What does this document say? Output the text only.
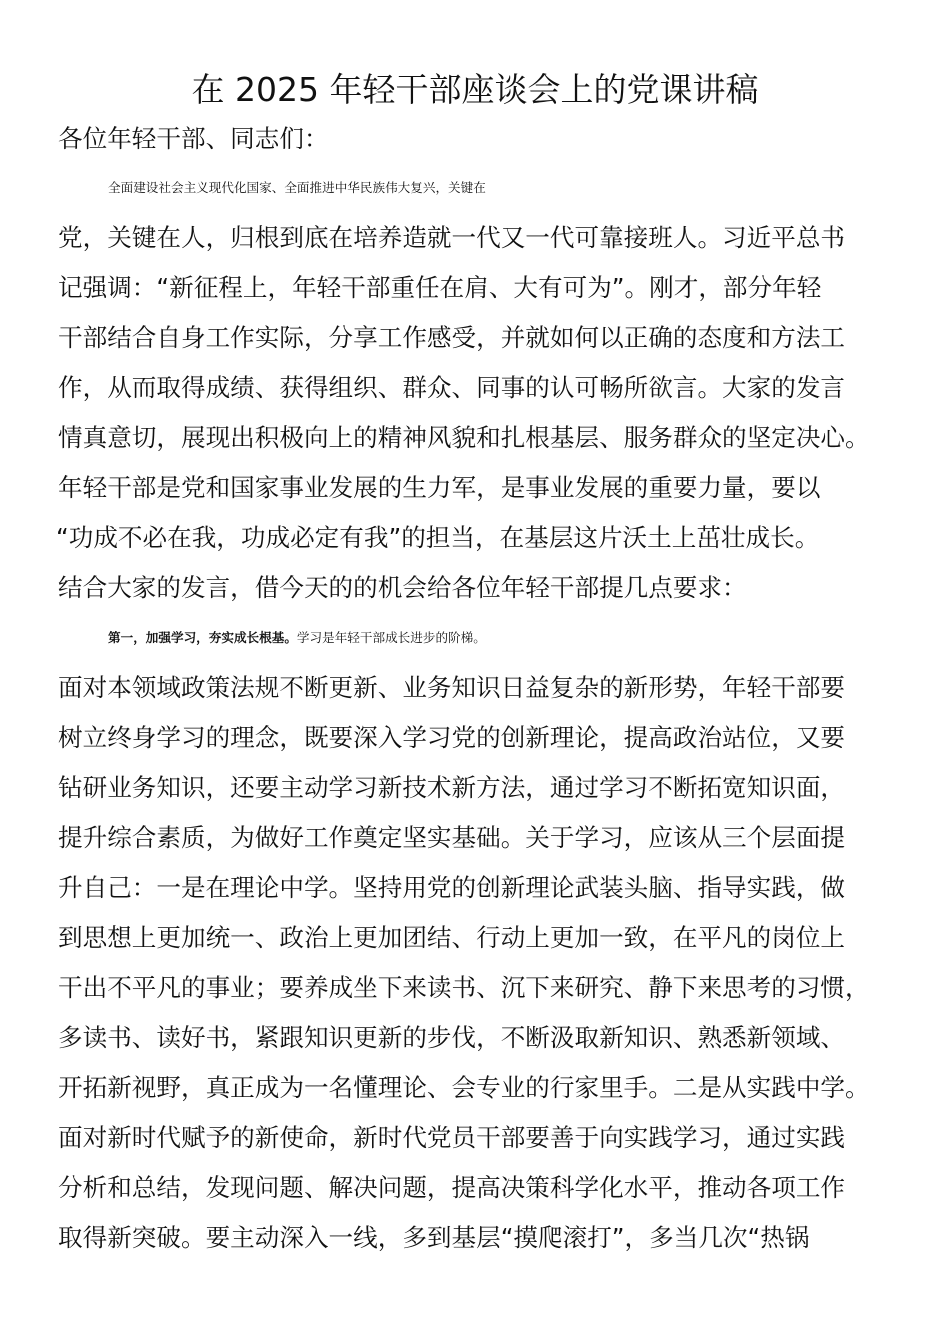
在 2025 年轻干部座谈会上的党课讲稿
各位年轻干部、同志们：
全面建设社会主义现代化国家、全面推进中华民族伟大复兴，关键在
党，关键在人，归根到底在培养造就一代又一代可靠接班人。习近平总书
记强调：“新征程上，年轻干部重任在肩、大有可为”。刚才，部分年轻
干部结合自身工作实际，分享工作感受，并就如何以正确的态度和方法工
作，从而取得成绩、获得组织、群众、同事的认可畅所欲言。大家的发言
情真意切，展现出积极向上的精神风貌和扎根基层、服务群众的坚定决心。
年轻干部是党和国家事业发展的生力军，是事业发展的重要力量，要以
“功成不必在我，功成必定有我”的担当，在基层这片沃土上茁壮成长。
结合大家的发言，借今天的的机会给各位年轻干部提几点要求：
第一，加强学习，夯实成长根基。学习是年轻干部成长进步的阶梯。
面对本领域政策法规不断更新、业务知识日益复杂的新形势，年轻干部要
树立终身学习的理念，既要深入学习党的创新理论，提高政治站位，又要
钻研业务知识，还要主动学习新技术新方法，通过学习不断拓宽知识面，
提升综合素质，为做好工作奠定坚实基础。关于学习，应该从三个层面提
升自己：一是在理论中学。坚持用党的创新理论武装头脑、指导实践，做
到思想上更加统一、政治上更加团结、行动上更加一致，在平凡的岗位上
干出不平凡的事业；要养成坐下来读书、沉下来研究、静下来思考的习惯，
多读书、读好书，紧跟知识更新的步伐，不断汲取新知识、熟悉新领域、
开拓新视野，真正成为一名懂理论、会专业的行家里手。二是从实践中学。
面对新时代赋予的新使命，新时代党员干部要善于向实践学习，通过实践
分析和总结，发现问题、解决问题，提高决策科学化水平，推动各项工作
取得新突破。要主动深入一线，多到基层“摸爬滚打”，多当几次“热锅
